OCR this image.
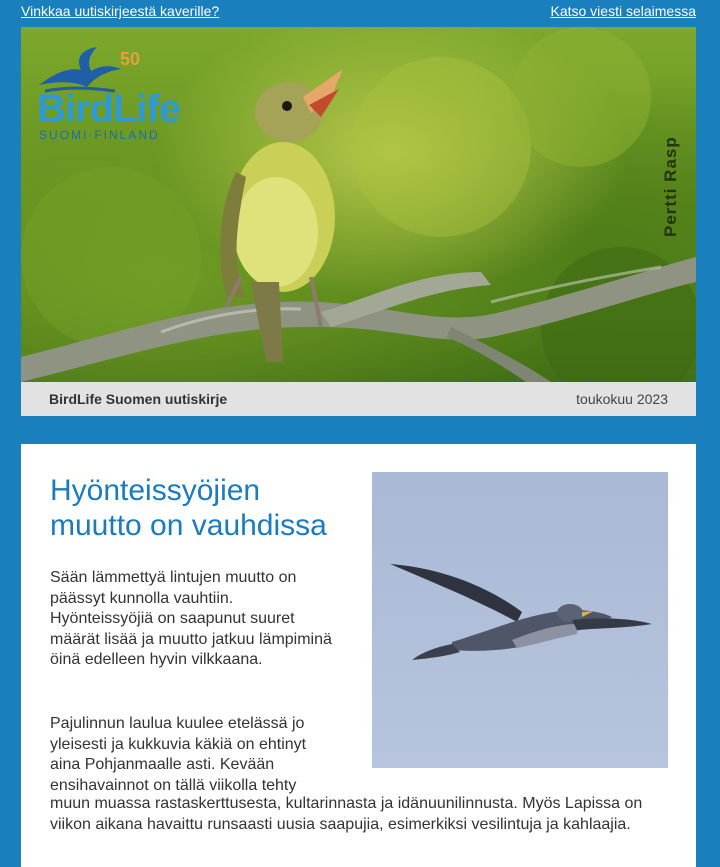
Vinkkaa uutiskirjeestä kaverille?	Katso viesti selaimessa
50
BirdLife
SUOMI·FINLAND
Pertti Rasp
BirdLife Suomen uutiskirje	toukokuu 2023
Hyönteissyöjien muutto on vauhdissa

Sään lämmettyä lintujen muutto on päässyt kunnolla vauhtiin. Hyönteissyöjiä on saapunut suuret määrät lisää ja muutto jatkuu lämpiminä öinä edelleen hyvin vilkkaana.

Pajulinnun laulua kuulee etelässä jo yleisesti ja kukkuvia käkiä on ehtinyt aina Pohjanmaalle asti. Kevään ensihavainnot on tällä viikolla tehty

muun muassa rastaskerttusesta, kultarinnasta ja idänuunilinnusta. Myös Lapissa on viikon aikana havaittu runsaasti uusia saapujia, esimerkiksi vesilintuja ja kahlaajia.
